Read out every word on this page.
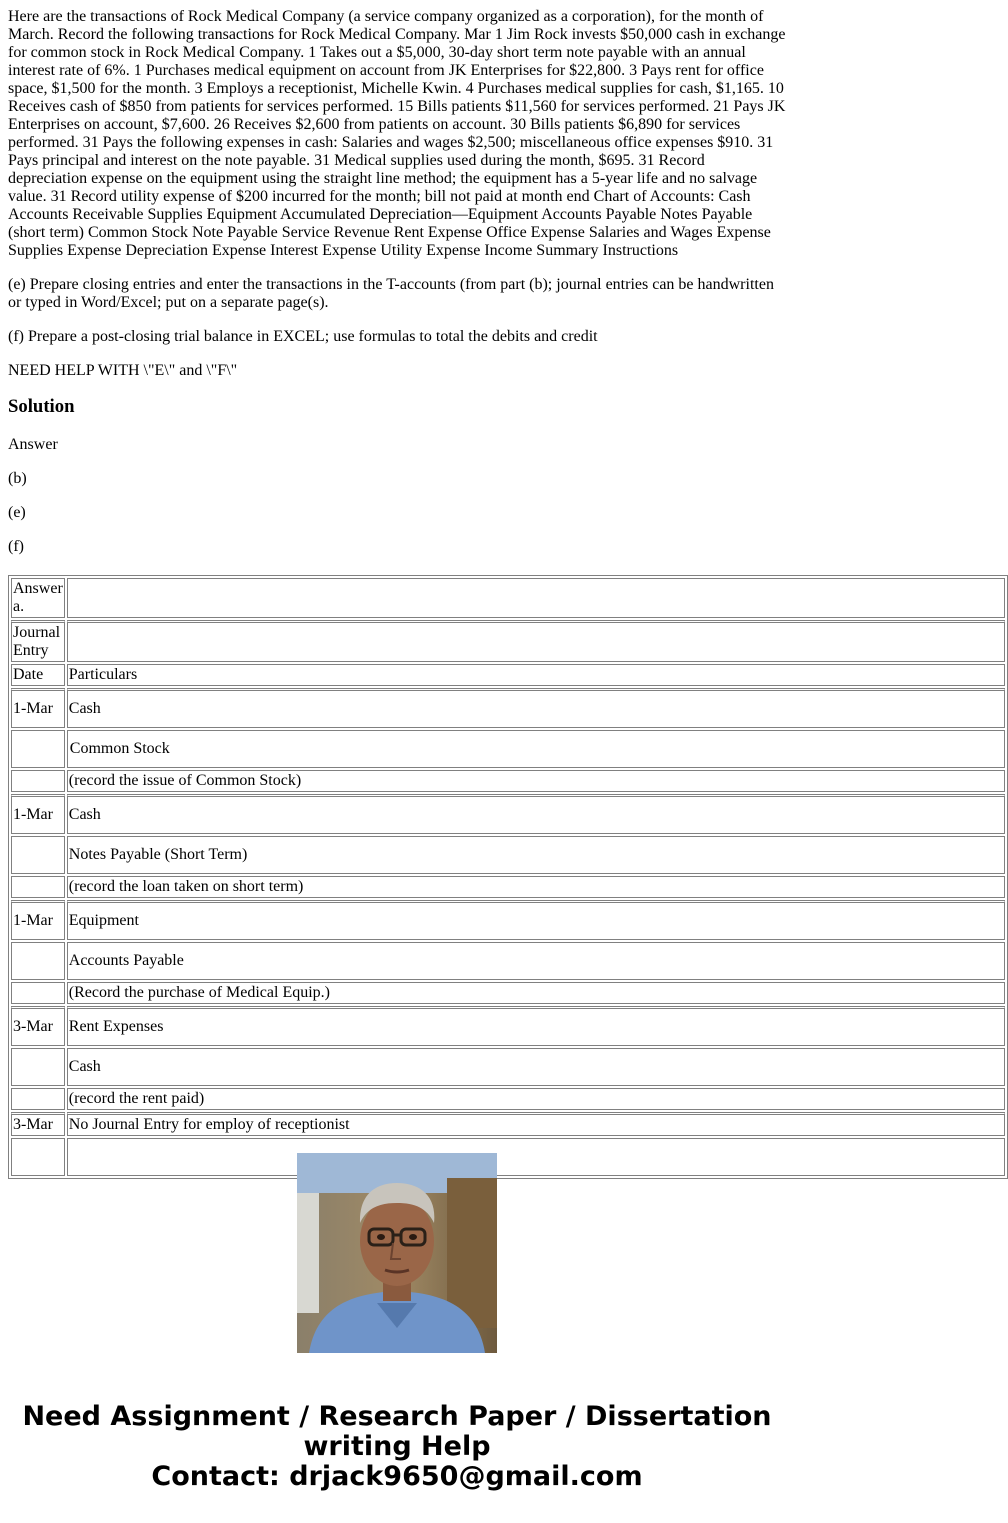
Here are the transactions of Rock Medical Company (a service company organized as a corporation), for the month of March. Record the following transactions for Rock Medical Company. Mar 1 Jim Rock invests $50,000 cash in exchange for common stock in Rock Medical Company. 1 Takes out a $5,000, 30-day short term note payable with an annual interest rate of 6%. 1 Purchases medical equipment on account from JK Enterprises for $22,800. 3 Pays rent for office space, $1,500 for the month. 3 Employs a receptionist, Michelle Kwin. 4 Purchases medical supplies for cash, $1,165. 10 Receives cash of $850 from patients for services performed. 15 Bills patients $11,560 for services performed. 21 Pays JK Enterprises on account, $7,600. 26 Receives $2,600 from patients on account. 30 Bills patients $6,890 for services performed. 31 Pays the following expenses in cash: Salaries and wages $2,500; miscellaneous office expenses $910. 31 Pays principal and interest on the note payable. 31 Medical supplies used during the month, $695. 31 Record depreciation expense on the equipment using the straight line method; the equipment has a 5-year life and no salvage value. 31 Record utility expense of $200 incurred for the month; bill not paid at month end Chart of Accounts: Cash Accounts Receivable Supplies Equipment Accumulated Depreciation—Equipment Accounts Payable Notes Payable (short term) Common Stock Note Payable Service Revenue Rent Expense Office Expense Salaries and Wages Expense Supplies Expense Depreciation Expense Interest Expense Utility Expense Income Summary Instructions

(e) Prepare closing entries and enter the transactions in the T-accounts (from part (b); journal entries can be handwritten or typed in Word/Excel; put on a separate page(s).

(f) Prepare a post-closing trial balance in EXCEL; use formulas to total the debits and credit

NEED HELP WITH \"E\" and \"F\"

Solution

Answer

(b)

(e)

(f)

Answer a.	
Journal Entry	
Date	Particulars
1-Mar	Cash
	Common Stock
	(record the issue of Common Stock)
1-Mar	Cash
	Notes Payable (Short Term)
	(record the loan taken on short term)
1-Mar	Equipment
	Accounts Payable
	(Record the purchase of Medical Equip.)
3-Mar	Rent Expenses
	Cash
	(record the rent paid)
3-Mar	No Journal Entry for employ of receptionist

Need Assignment / Research Paper / Dissertation
writing Help
Contact: drjack9650@gmail.com
